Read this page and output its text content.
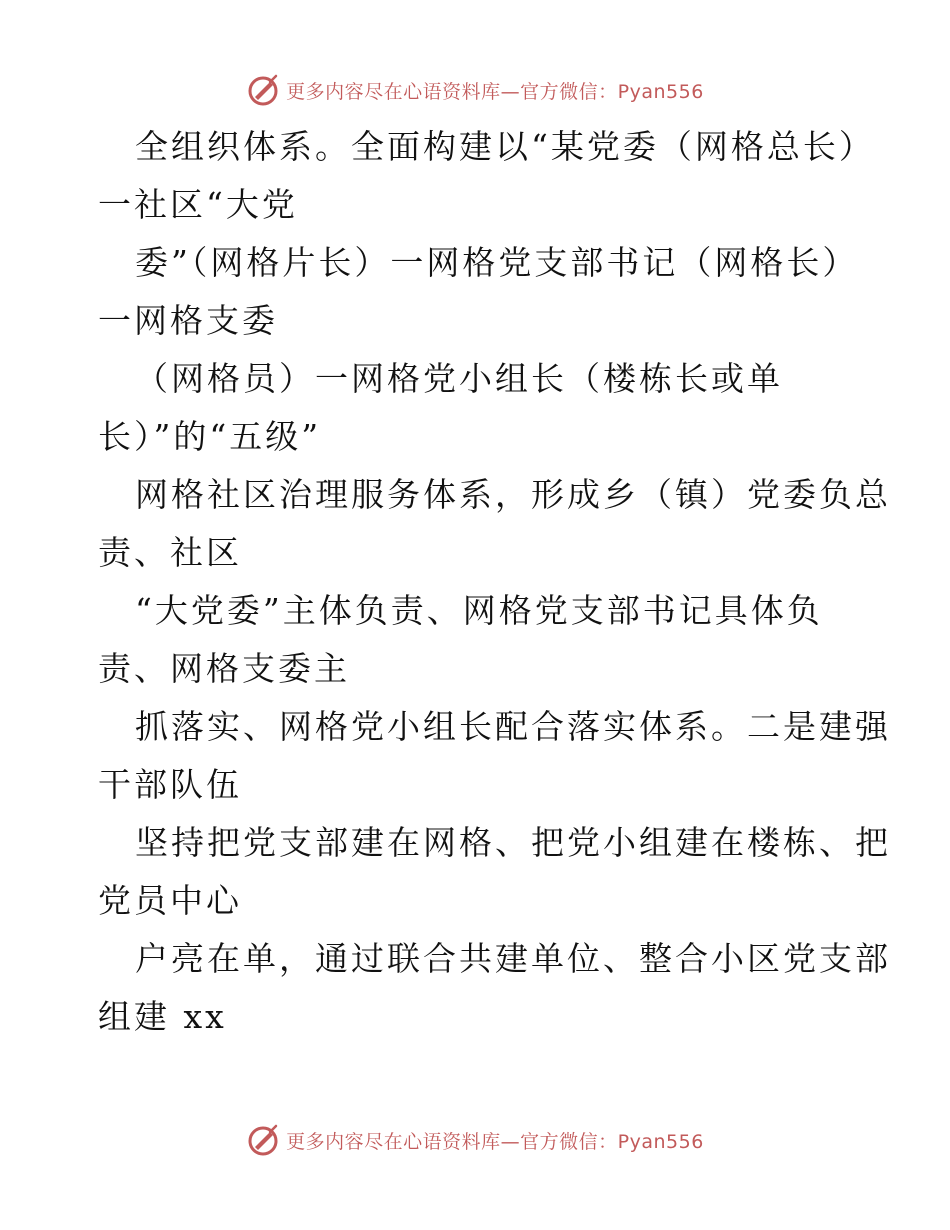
更多内容尽在心语资料库—官方微信：Pyan556
全组织体系。全面构建以“某党委（网格总长）
一社区“大党
委”（网格片长）一网格党支部书记（网格长）
一网格支委
（网格员）一网格党小组长（楼栋长或单
长）”的“五级”
网格社区治理服务体系，形成乡（镇）党委负总
责、社区
“大党委”主体负责、网格党支部书记具体负
责、网格支委主
抓落实、网格党小组长配合落实体系。二是建强
干部队伍
坚持把党支部建在网格、把党小组建在楼栋、把
党员中心
户亮在单，通过联合共建单位、整合小区党支部
组建 xx
更多内容尽在心语资料库—官方微信：Pyan556
